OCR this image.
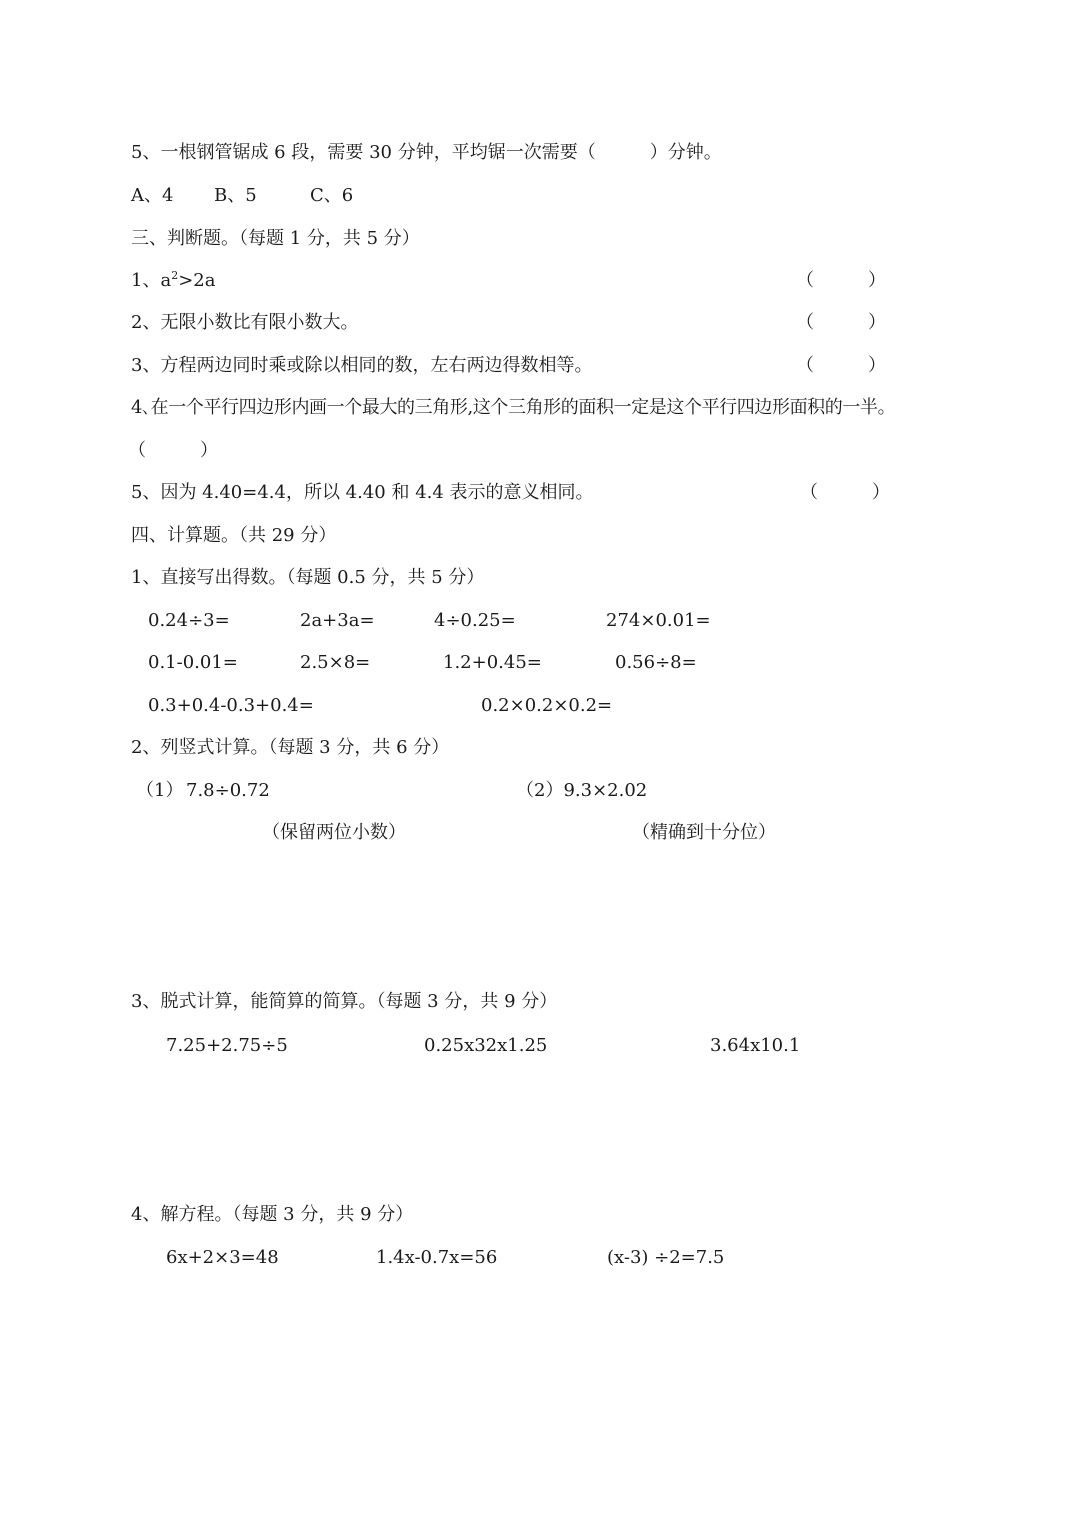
5、一根钢管锯成 6 段，需要 30 分钟，平均锯一次需要（　　　）分钟。
A、4 B、5	C、6
三、判断题。（每题 1 分，共 5 分）
1、$a^2>2a$	（　　　）
2、无限小数比有限小数大。	（　　　）
3、方程两边同时乘或除以相同的数，左右两边得数相等。	（　　　）
4､在一个平行四边形内画一个最大的三角形,这个三角形的面积一定是这个平行四边形面积的一半。
（　　　）
5、因为 4.40=4.4，所以 4.40 和 4.4 表示的意义相同。	（　　　）
四、计算题。（共 29 分）
1、直接写出得数。（每题 0.5 分，共 5 分）
0.24÷3=	2a+3a=	4÷0.25=	274×0.01=
0.1-0.01=	2.5×8=	1.2+0.45=	0.56÷8=
0.3+0.4-0.3+0.4=	0.2×0.2×0.2=
2、列竖式计算。（每题 3 分，共 6 分）
（1） 7.8÷0.72	（2）9.3×2.02
（保留两位小数）	（精确到十分位）
3、脱式计算，能简算的简算。（每题 3 分，共 9 分）
7.25+2.75÷5	0.25x32x1.25	3.64x10.1
4、解方程。（每题 3 分，共 9 分）
6x+2×3=48	1.4x-0.7x=56	(x-3) ÷2=7.5
